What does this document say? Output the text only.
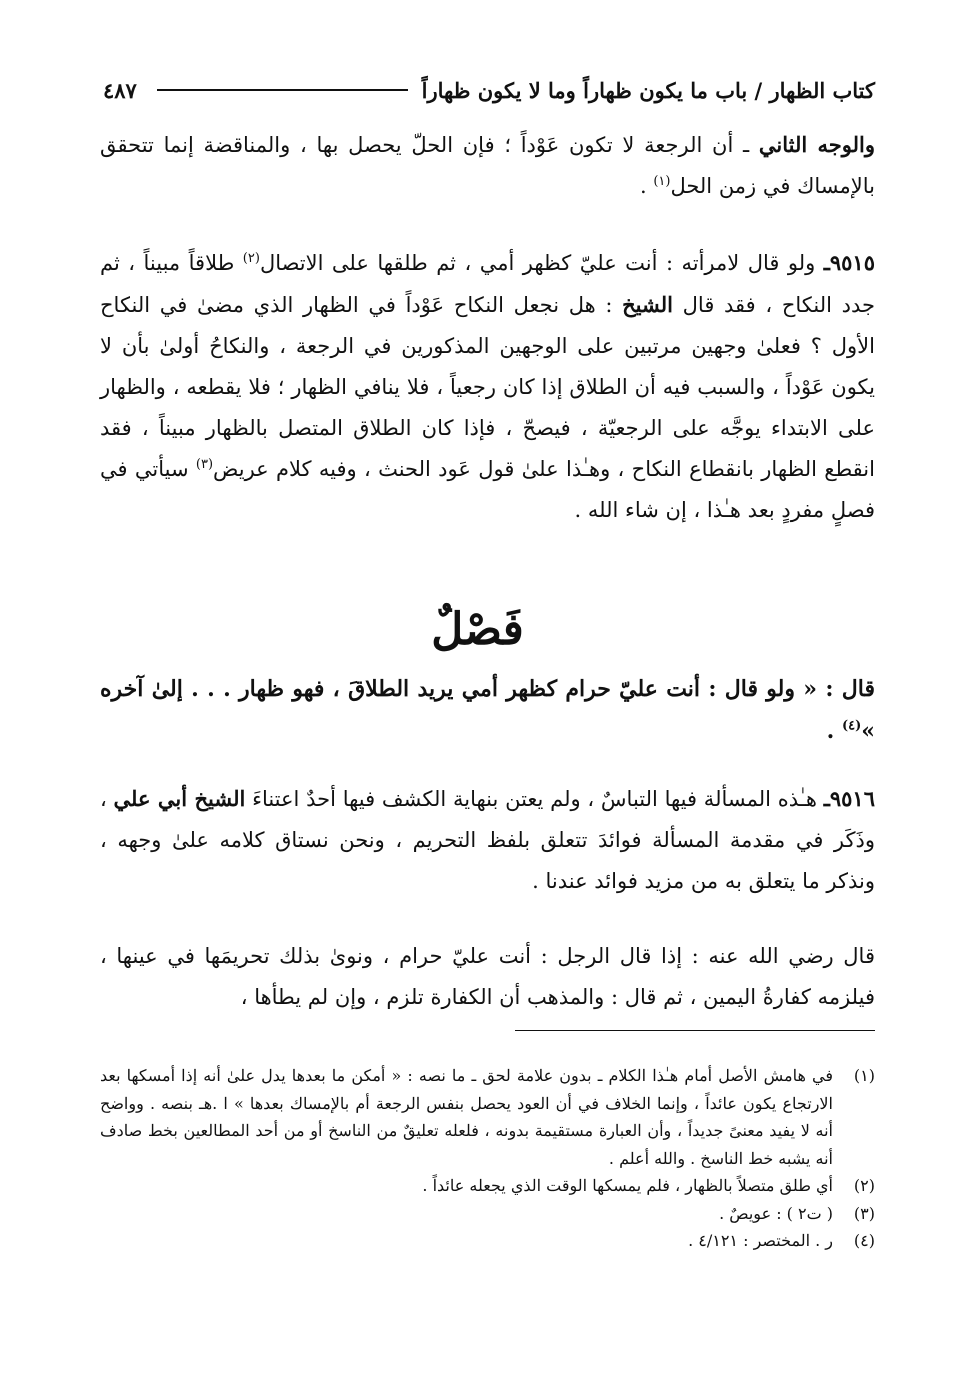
كتاب الظهار / باب ما يكون ظهاراً وما لا يكون ظهاراً
٤٨٧

والوجه الثاني ـ أن الرجعة لا تكون عَوْداً ؛ فإن الحلّ يحصل بها ، والمناقضة إنما تتحقق بالإمساك في زمن الحل$^{(١)}$ .

٩٥١٥ـ ولو قال لامرأته : أنت عليّ كظهر أمي ، ثم طلقها على الاتصال$^{(٢)}$ طلاقاً مبيناً ، ثم جدد النكاح ، فقد قال الشيخ : هل نجعل النكاح عَوْداً في الظهار الذي مضىٰ في النكاح الأول ؟ فعلىٰ وجهين مرتبين على الوجهين المذكورين في الرجعة ، والنكاحُ أولىٰ بأن لا يكون عَوْداً ، والسبب فيه أن الطلاق إذا كان رجعياً ، فلا ينافي الظهار ؛ فلا يقطعه ، والظهار على الابتداء يوجَّه على الرجعيّة ، فيصحّ ، فإذا كان الطلاق المتصل بالظهار مبيناً ، فقد انقطع الظهار بانقطاع النكاح ، وهـٰذا علىٰ قول عَود الحنث ، وفيه كلام عريض$^{(٣)}$ سيأتي في فصلٍ مفردٍ بعد هـٰذا ، إن شاء الله .

فَصْلٌ

قال : « ولو قال : أنت عليّ حرام كظهر أمي يريد الطلاقَ ، فهو ظهار . . . إلىٰ آخره »$^{(٤)}$ .

٩٥١٦ـ هـٰذه المسألة فيها التباسٌ ، ولم يعتن بنهاية الكشف فيها أحدٌ اعتناءَ الشيخ أبي علي ، وذَكَر في مقدمة المسألة فوائدَ تتعلق بلفظ التحريم ، ونحن نستاق كلامه علىٰ وجهه ، ونذكر ما يتعلق به من مزيد فوائد عندنا .

قال رضي الله عنه : إذا قال الرجل : أنت عليّ حرام ، ونوىٰ بذلك تحريمَها في عينها ، فيلزمه كفارةُ اليمين ، ثم قال : والمذهب أن الكفارة تلزم ، وإن لم يطأها ،

(١)
في هامش الأصل أمام هـٰذا الكلام ـ بدون علامة لحق ـ ما نصه : « أمكن ما بعدها يدل علىٰ أنه إذا أمسكها بعد الارتجاع يكون عائداً ، وإنما الخلاف في أن العود يحصل بنفس الرجعة أم بالإمساك بعدها » ا .هـ بنصه . وواضح أنه لا يفيد معنىً جديداً ، وأن العبارة مستقيمة بدونه ، فلعله تعليقٌ من الناسخ أو من أحد المطالعين بخط صادف أنه يشبه خط الناسخ . والله أعلم .
(٢)
أي طلق متصلاً بالظهار ، فلم يمسكها الوقت الذي يجعله عائداً .
(٣)
( ت٢ ) : عويصٌ .
(٤)
ر . المختصر : ٤/١٢١ .
